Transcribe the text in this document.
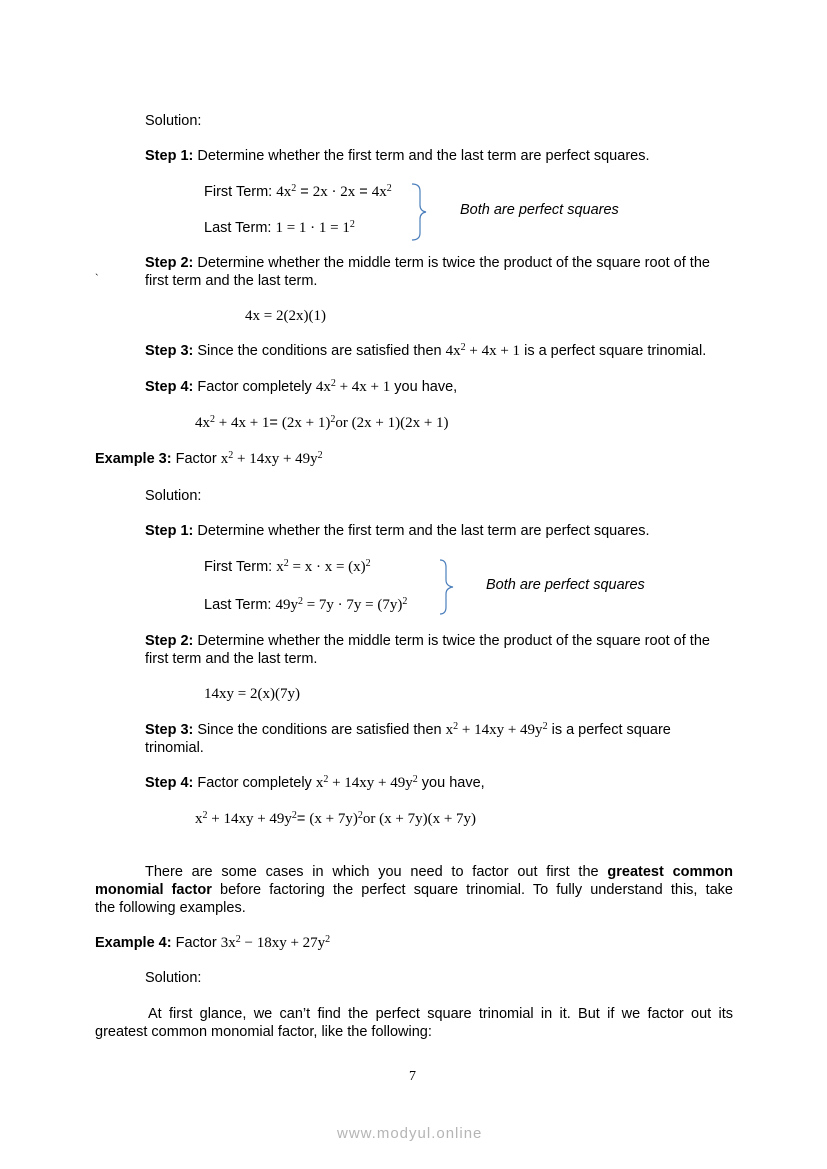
Solution:
Step 1: Determine whether the first term and the last term are perfect squares.
First Term: $4x^2 = 2x \cdot 2x = 4x^2$
Last Term: $1 = 1 \cdot 1 = 1^2$
Both are perfect squares
`
Step 2: Determine whether the middle term is twice the product of the square root of the
first term and the last term.
4x = 2(2x)(1)
Step 3: Since the conditions are satisfied then $4x^2 + 4x + 1$ is a perfect square trinomial.
Step 4: Factor completely $4x^2 + 4x + 1$ you have,
$4x^2 + 4x + 1= (2x + 1)^2or$ (2x + 1)(2x + 1)
Example 3: Factor $x^2 + 14xy + 49y^2$
Solution:
Step 1: Determine whether the first term and the last term are perfect squares.
First Term: $x^2 = x \cdot x = (x)^2$
Last Term: $49y^2 = 7y \cdot 7y = (7y)^2$
Both are perfect squares
Step 2: Determine whether the middle term is twice the product of the square root of the
first term and the last term.
14xy = 2(x)(7y)
Step 3: Since the conditions are satisfied then $x^2 + 14xy + 49y^2$ is a perfect square
trinomial.
Step 4: Factor completely $x^2 + 14xy + 49y^2$ you have,
$x^2 + 14xy + 49y^2= (x + 7y)^2or$ (x + 7y)(x + 7y)
There are some cases in which you need to factor out first the greatest common
monomial factor before factoring the perfect square trinomial. To fully understand this, take
the following examples.
Example 4: Factor $3x^2 - 18xy + 27y^2$
Solution:
At first glance, we can’t find the perfect square trinomial in it. But if we factor out its greatest common monomial factor, like the following:
7
www.modyul.online
